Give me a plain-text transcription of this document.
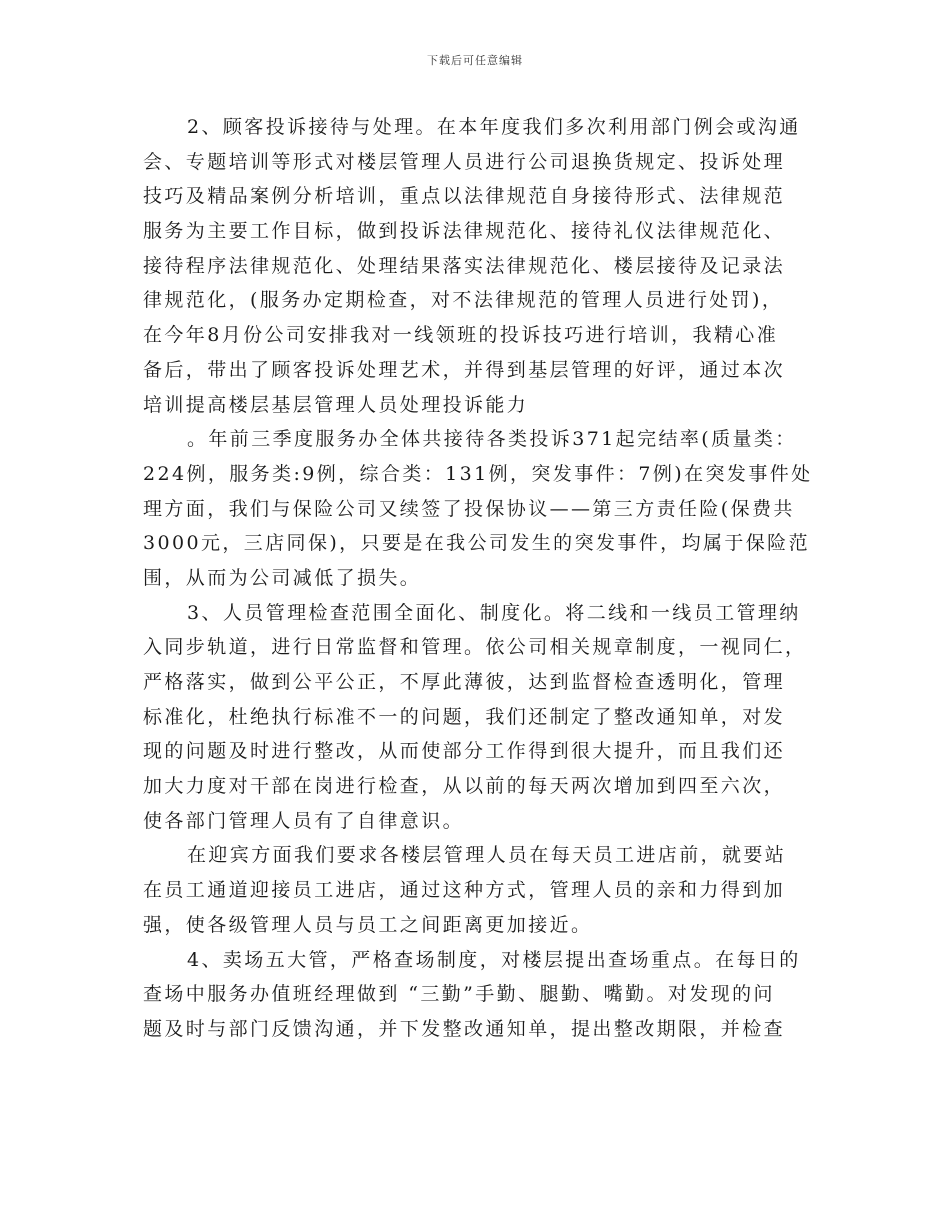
下载后可任意编辑
2、顾客投诉接待与处理。在本年度我们多次利用部门例会或沟通
会、专题培训等形式对楼层管理人员进行公司退换货规定、投诉处理
技巧及精品案例分析培训，重点以法律规范自身接待形式、法律规范
服务为主要工作目标，做到投诉法律规范化、接待礼仪法律规范化、
接待程序法律规范化、处理结果落实法律规范化、楼层接待及记录法
律规范化，(服务办定期检查，对不法律规范的管理人员进行处罚)，
在今年8月份公司安排我对一线领班的投诉技巧进行培训，我精心准
备后，带出了顾客投诉处理艺术，并得到基层管理的好评，通过本次
培训提高楼层基层管理人员处理投诉能力
。年前三季度服务办全体共接待各类投诉371起完结率(质量类：
224例，服务类:9例，综合类：131例，突发事件：7例)在突发事件处
理方面，我们与保险公司又续签了投保协议——第三方责任险(保费共
3000元，三店同保)，只要是在我公司发生的突发事件，均属于保险范
围，从而为公司减低了损失。
3、人员管理检查范围全面化、制度化。将二线和一线员工管理纳
入同步轨道，进行日常监督和管理。依公司相关规章制度，一视同仁，
严格落实，做到公平公正，不厚此薄彼，达到监督检查透明化，管理
标准化，杜绝执行标准不一的问题，我们还制定了整改通知单，对发
现的问题及时进行整改，从而使部分工作得到很大提升，而且我们还
加大力度对干部在岗进行检查，从以前的每天两次增加到四至六次，
使各部门管理人员有了自律意识。
在迎宾方面我们要求各楼层管理人员在每天员工进店前，就要站
在员工通道迎接员工进店，通过这种方式，管理人员的亲和力得到加
强，使各级管理人员与员工之间距离更加接近。
4、卖场五大管，严格查场制度，对楼层提出查场重点。在每日的
查场中服务办值班经理做到 “三勤”手勤、腿勤、嘴勤。对发现的问
题及时与部门反馈沟通，并下发整改通知单，提出整改期限，并检查
